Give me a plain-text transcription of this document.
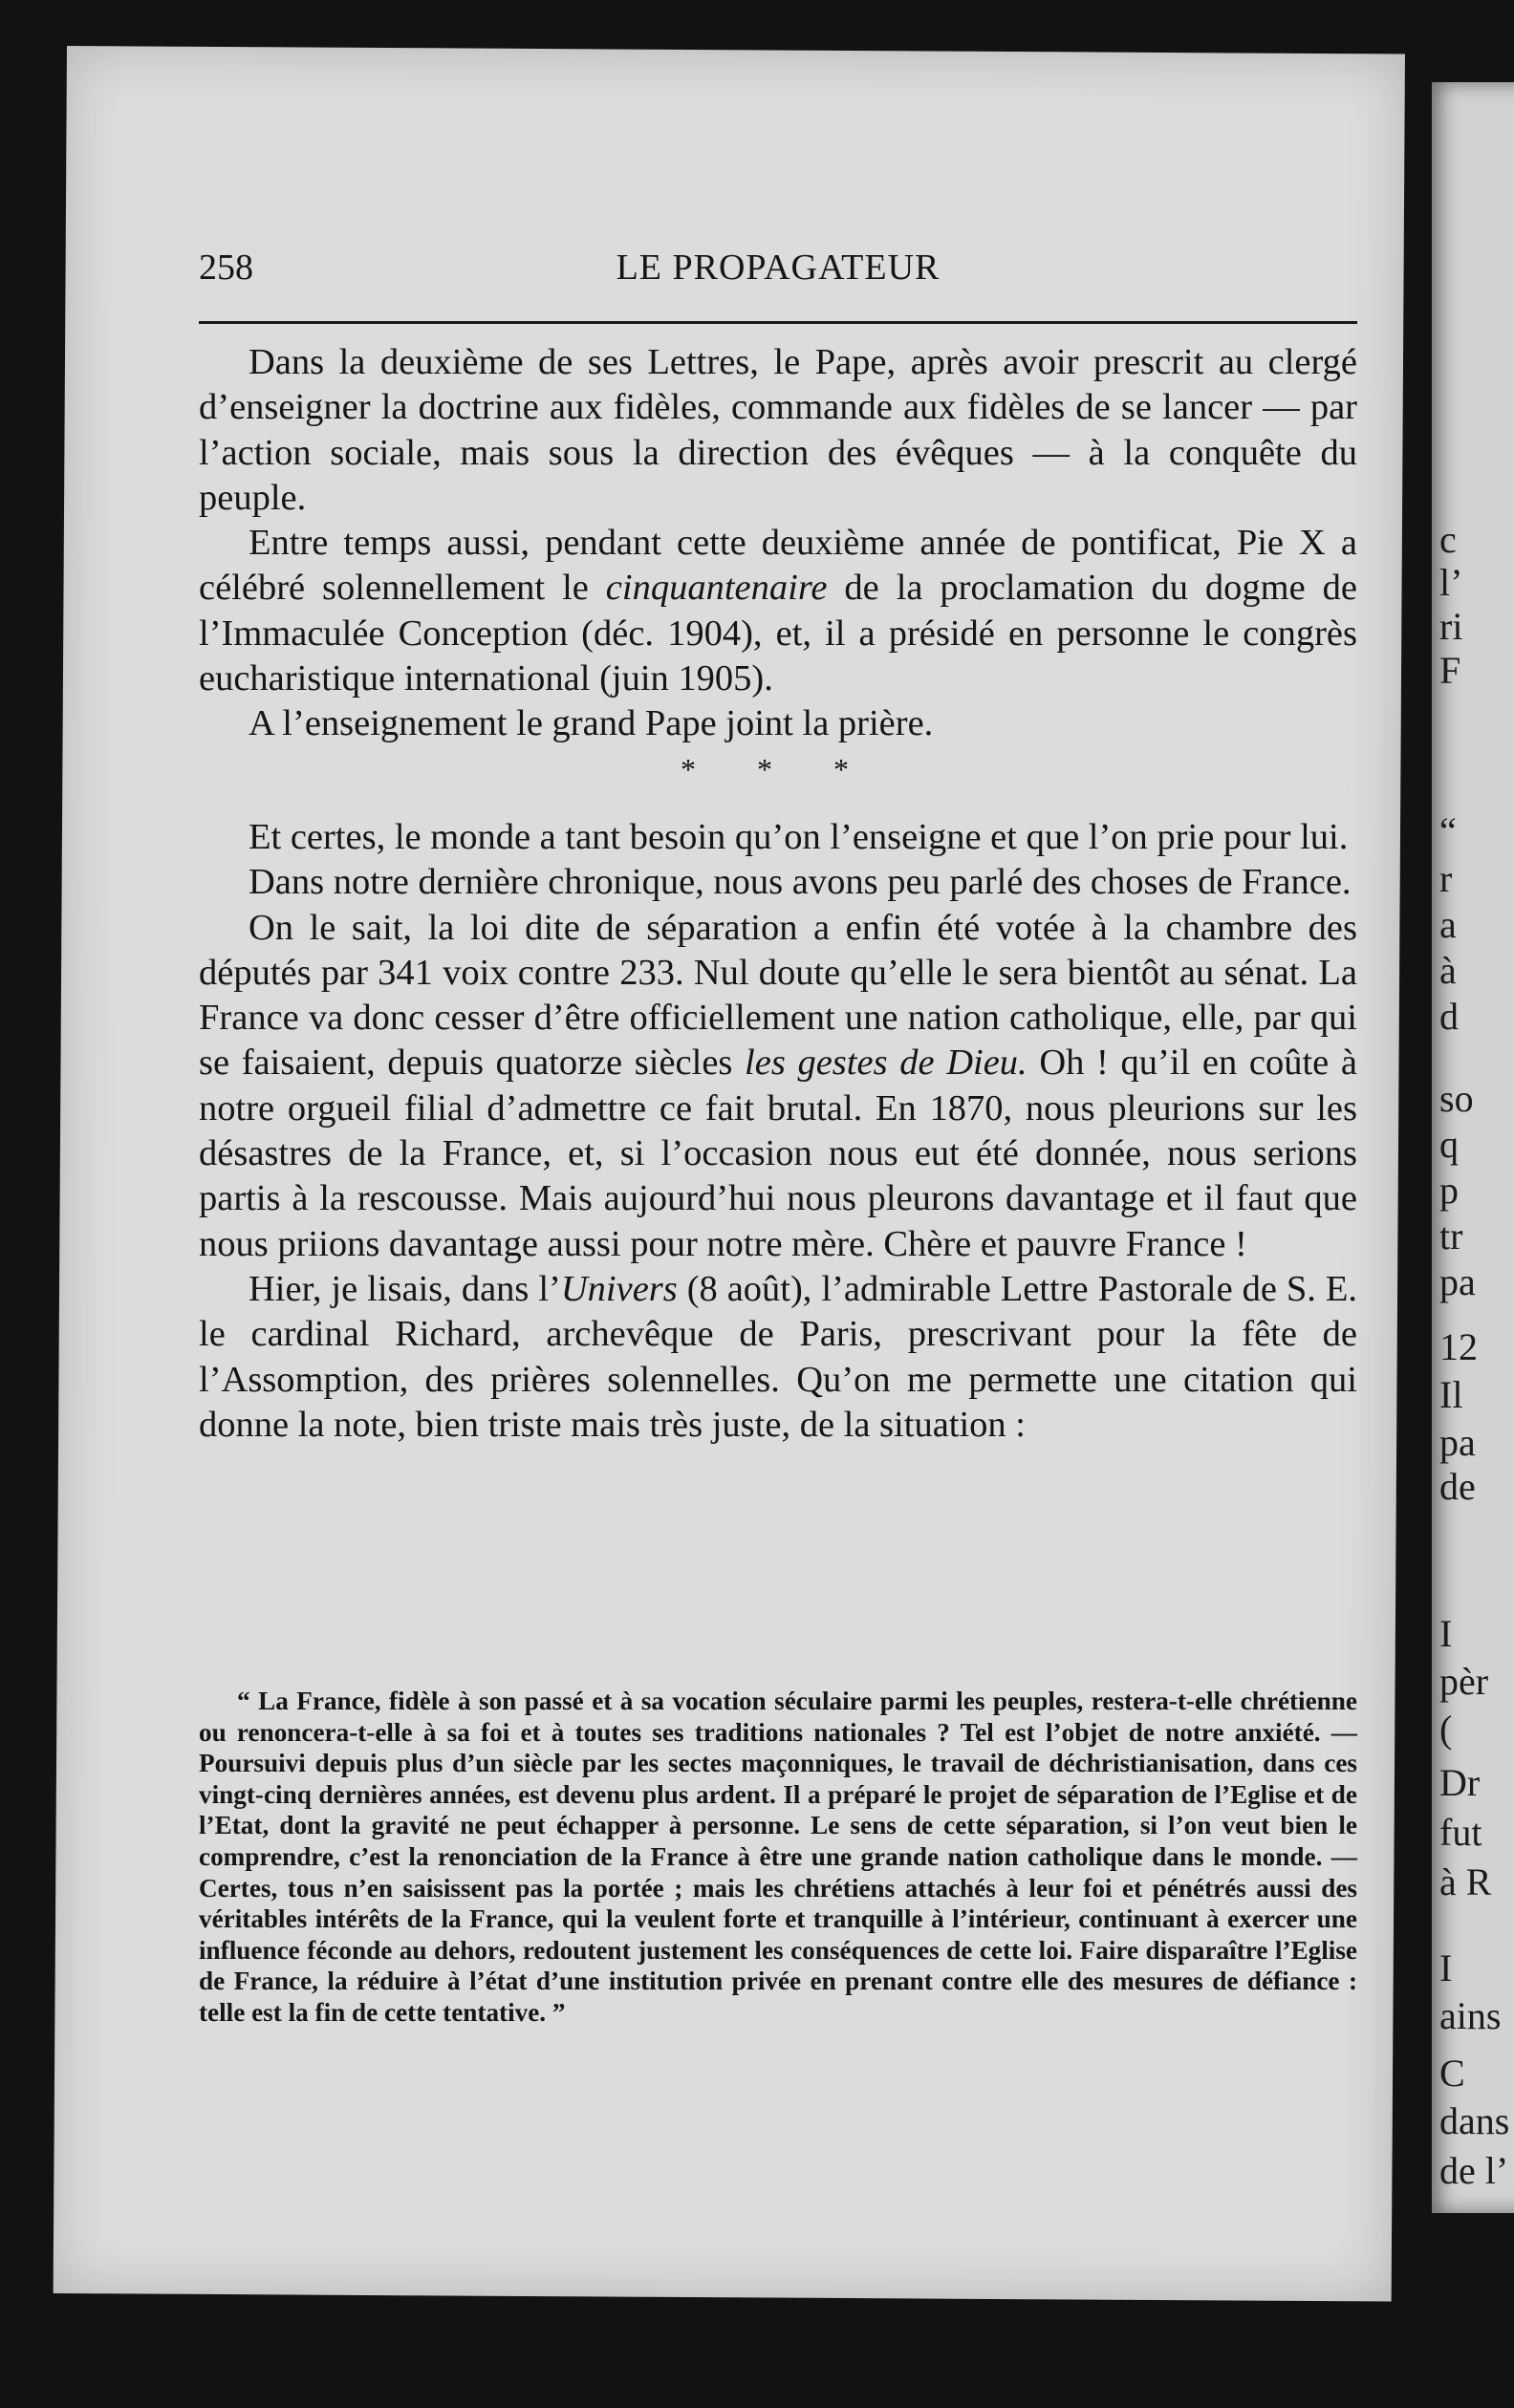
c
l’
ri
F
“
r
a
à
d
so
q
p
tr
pa
12
Il
pa
de
I
pèr
(
Dr
fut
à R
I
ains
C
dans
de l’
258	LE PROPAGATEUR

Dans la deuxième de ses Lettres, le Pape, après avoir prescrit au clergé d’enseigner la doctrine aux fidèles, commande aux fidèles de se lancer — par l’action sociale, mais sous la direction des évêques — à la conquête du peuple.

Entre temps aussi, pendant cette deuxième année de pontificat, Pie X a célébré solennellement le cinquantenaire de la proclamation du dogme de l’Immaculée Conception (déc. 1904), et, il a présidé en personne le congrès eucharistique international (juin 1905).

A l’enseignement le grand Pape joint la prière.

* * *

Et certes, le monde a tant besoin qu’on l’enseigne et que l’on prie pour lui.

Dans notre dernière chronique, nous avons peu parlé des choses de France.

On le sait, la loi dite de séparation a enfin été votée à la chambre des députés par 341 voix contre 233. Nul doute qu’elle le sera bientôt au sénat. La France va donc cesser d’être officiellement une nation catholique, elle, par qui se faisaient, depuis quatorze siècles les gestes de Dieu. Oh ! qu’il en coûte à notre orgueil filial d’admettre ce fait brutal. En 1870, nous pleurions sur les désastres de la France, et, si l’occasion nous eut été donnée, nous serions partis à la rescousse. Mais aujourd’hui nous pleurons davantage et il faut que nous priions davantage aussi pour notre mère. Chère et pauvre France !

Hier, je lisais, dans l’Univers (8 août), l’admirable Lettre Pastorale de S. E. le cardinal Richard, archevêque de Paris, prescrivant pour la fête de l’Assomption, des prières solennelles. Qu’on me permette une citation qui donne la note, bien triste mais très juste, de la situation :

“ La France, fidèle à son passé et à sa vocation séculaire parmi les peuples, restera-t-elle chrétienne ou renoncera-t-elle à sa foi et à toutes ses traditions nationales ? Tel est l’objet de notre anxiété. — Poursuivi depuis plus d’un siècle par les sectes maçonniques, le travail de déchristianisation, dans ces vingt-cinq dernières années, est devenu plus ardent. Il a préparé le projet de séparation de l’Eglise et de l’Etat, dont la gravité ne peut échapper à personne. Le sens de cette séparation, si l’on veut bien le comprendre, c’est la renonciation de la France à être une grande nation catholique dans le monde. — Certes, tous n’en saisissent pas la portée ; mais les chrétiens attachés à leur foi et pénétrés aussi des véritables intérêts de la France, qui la veulent forte et tranquille à l’intérieur, continuant à exercer une influence féconde au dehors, redoutent justement les conséquences de cette loi. Faire disparaître l’Eglise de France, la réduire à l’état d’une institution privée en prenant contre elle des mesures de défiance : telle est la fin de cette tentative. ”
